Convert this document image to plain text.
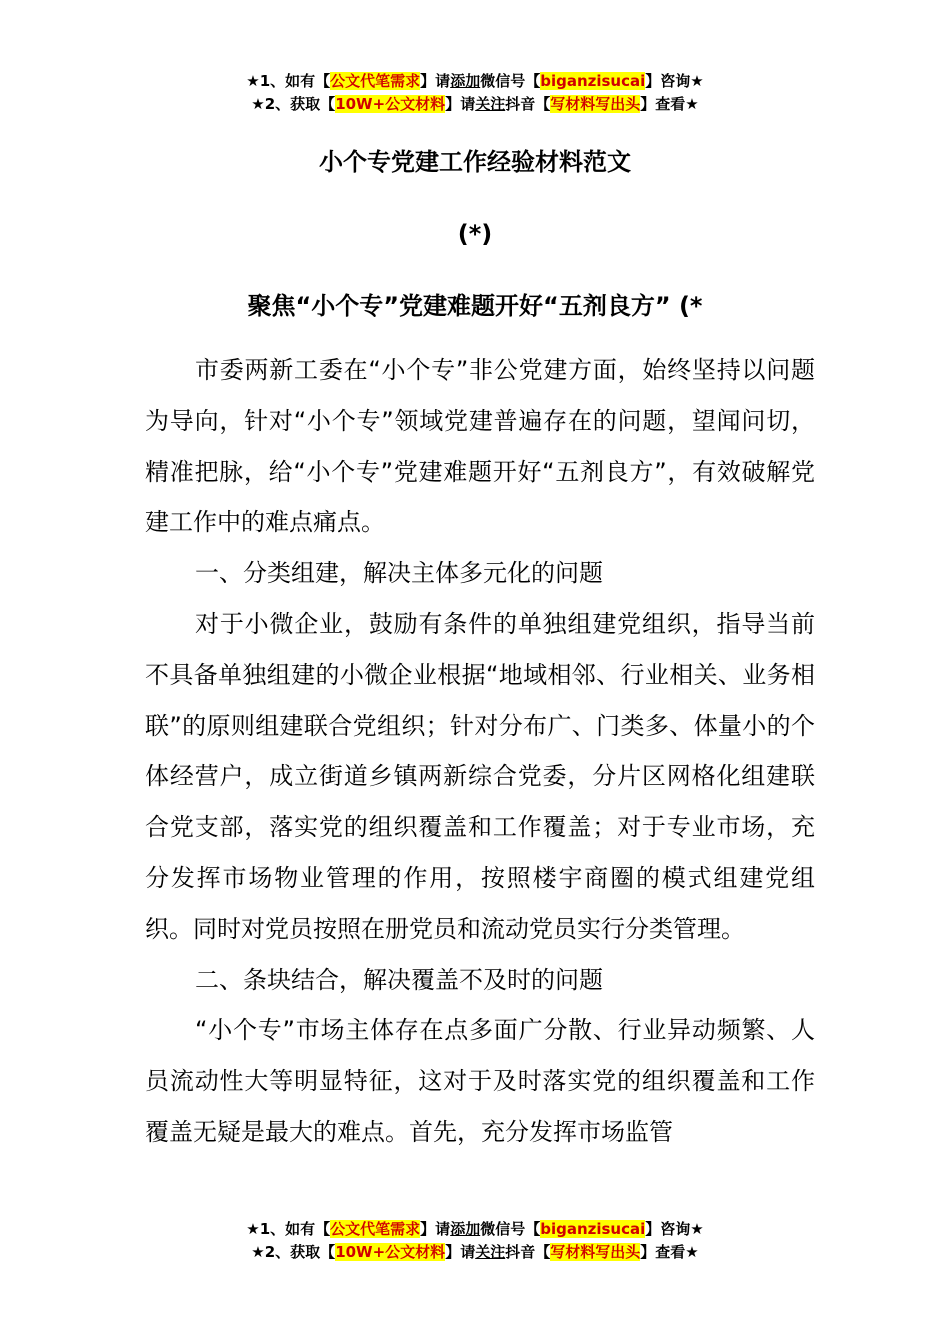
★1、如有【公文代笔需求】请添加微信号【biganzisucai】咨询★
★2、获取【10W+公文材料】请关注抖音【写材料写出头】查看★
小个专党建工作经验材料范文
(*)
聚焦“小个专”党建难题开好“五剂良方” (*

市委两新工委在“小个专”非公党建方面，始终坚持以问题为导向，针对“小个专”领域党建普遍存在的问题，望闻问切，精准把脉，给“小个专”党建难题开好“五剂良方”，有效破解党建工作中的难点痛点。

一、分类组建，解决主体多元化的问题

对于小微企业，鼓励有条件的单独组建党组织，指导当前不具备单独组建的小微企业根据“地域相邻、行业相关、业务相联”的原则组建联合党组织；针对分布广、门类多、体量小的个体经营户，成立街道乡镇两新综合党委，分片区网格化组建联合党支部，落实党的组织覆盖和工作覆盖；对于专业市场，充分发挥市场物业管理的作用，按照楼宇商圈的模式组建党组织。同时对党员按照在册党员和流动党员实行分类管理。

二、条块结合，解决覆盖不及时的问题

“小个专”市场主体存在点多面广分散、行业异动频繁、人员流动性大等明显特征，这对于及时落实党的组织覆盖和工作覆盖无疑是最大的难点。首先，充分发挥市场监管

★1、如有【公文代笔需求】请添加微信号【biganzisucai】咨询★
★2、获取【10W+公文材料】请关注抖音【写材料写出头】查看★
